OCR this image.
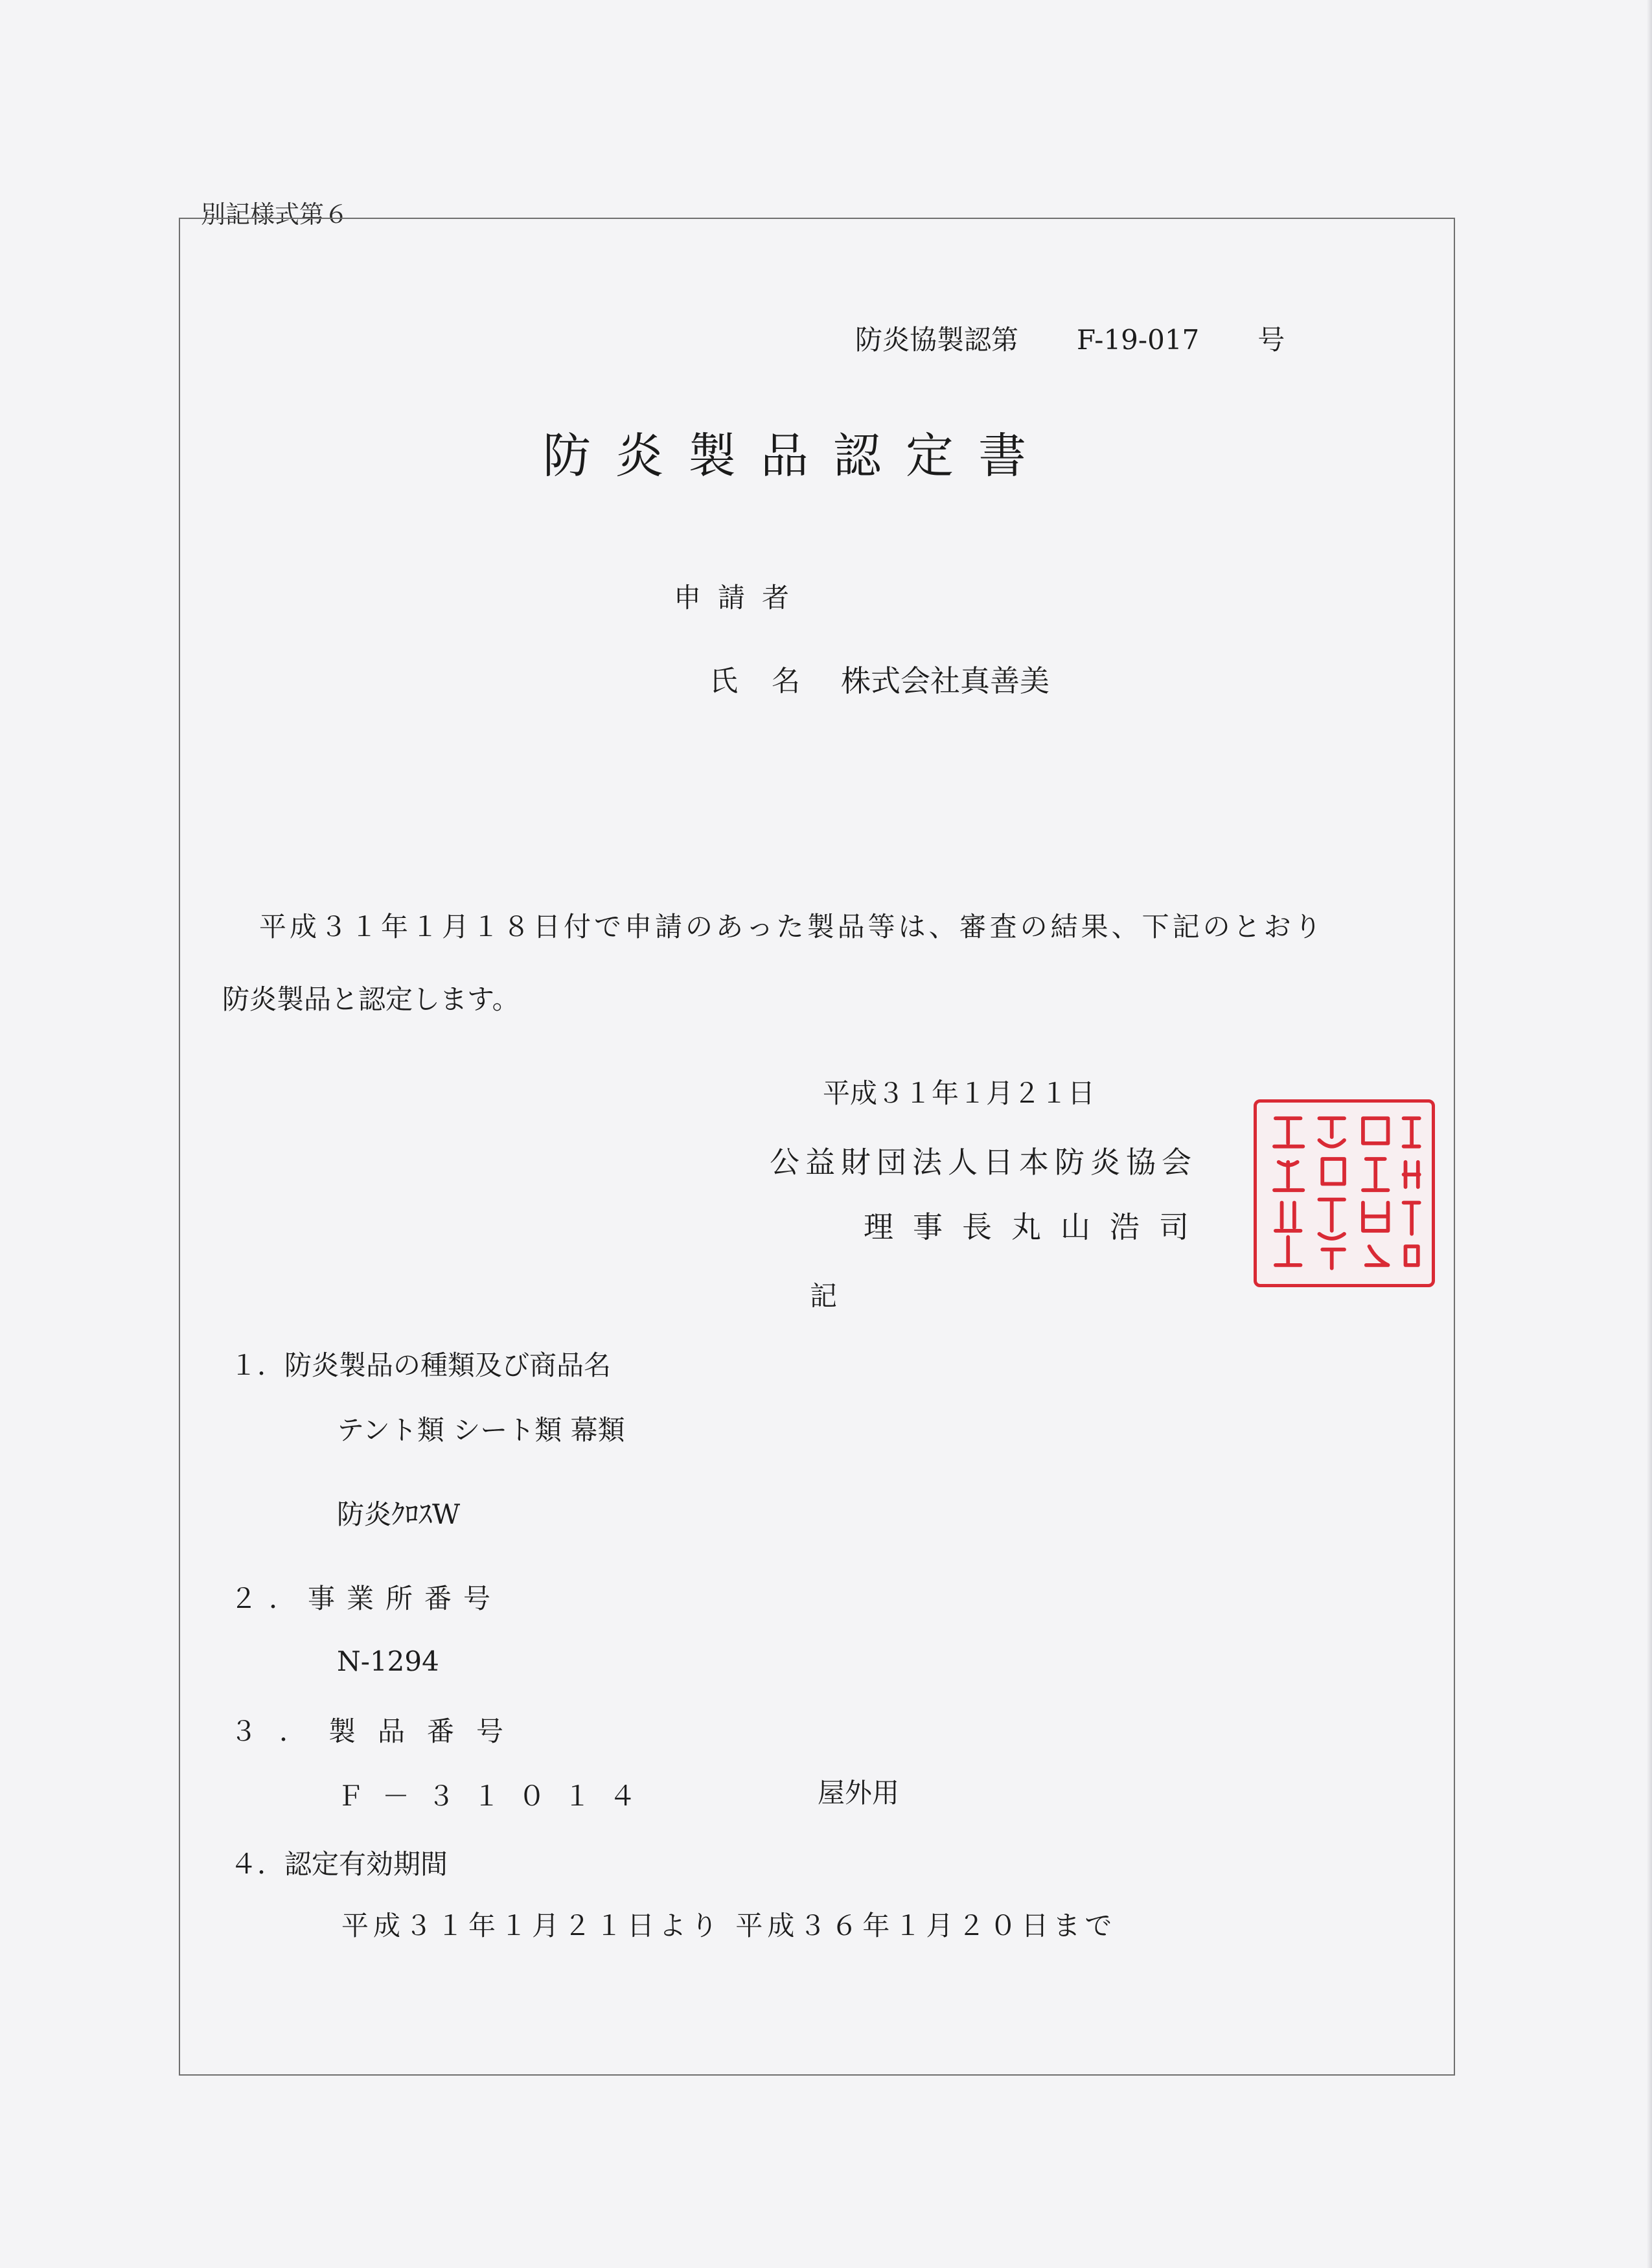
別記様式第６
防炎協製認第 F-19-017 号
防炎製品認定書
申請者
氏名 株式会社真善美
平成３１年１月１８日付で申請のあった製品等は、審査の結果、下記のとおり
防炎製品と認定します。
平成３１年１月２１日
公益財団法人日本防炎協会
理事長丸山浩司
記
１．防炎製品の種類及び商品名
テント類 シート類 幕類
防炎ｸﾛｽW
２．事業所番号
N-1294
３．製品番号
Ｆ－３１０１４	屋外用
４．認定有効期間
平成３１年１月２１日より 平成３６年１月２０日まで
